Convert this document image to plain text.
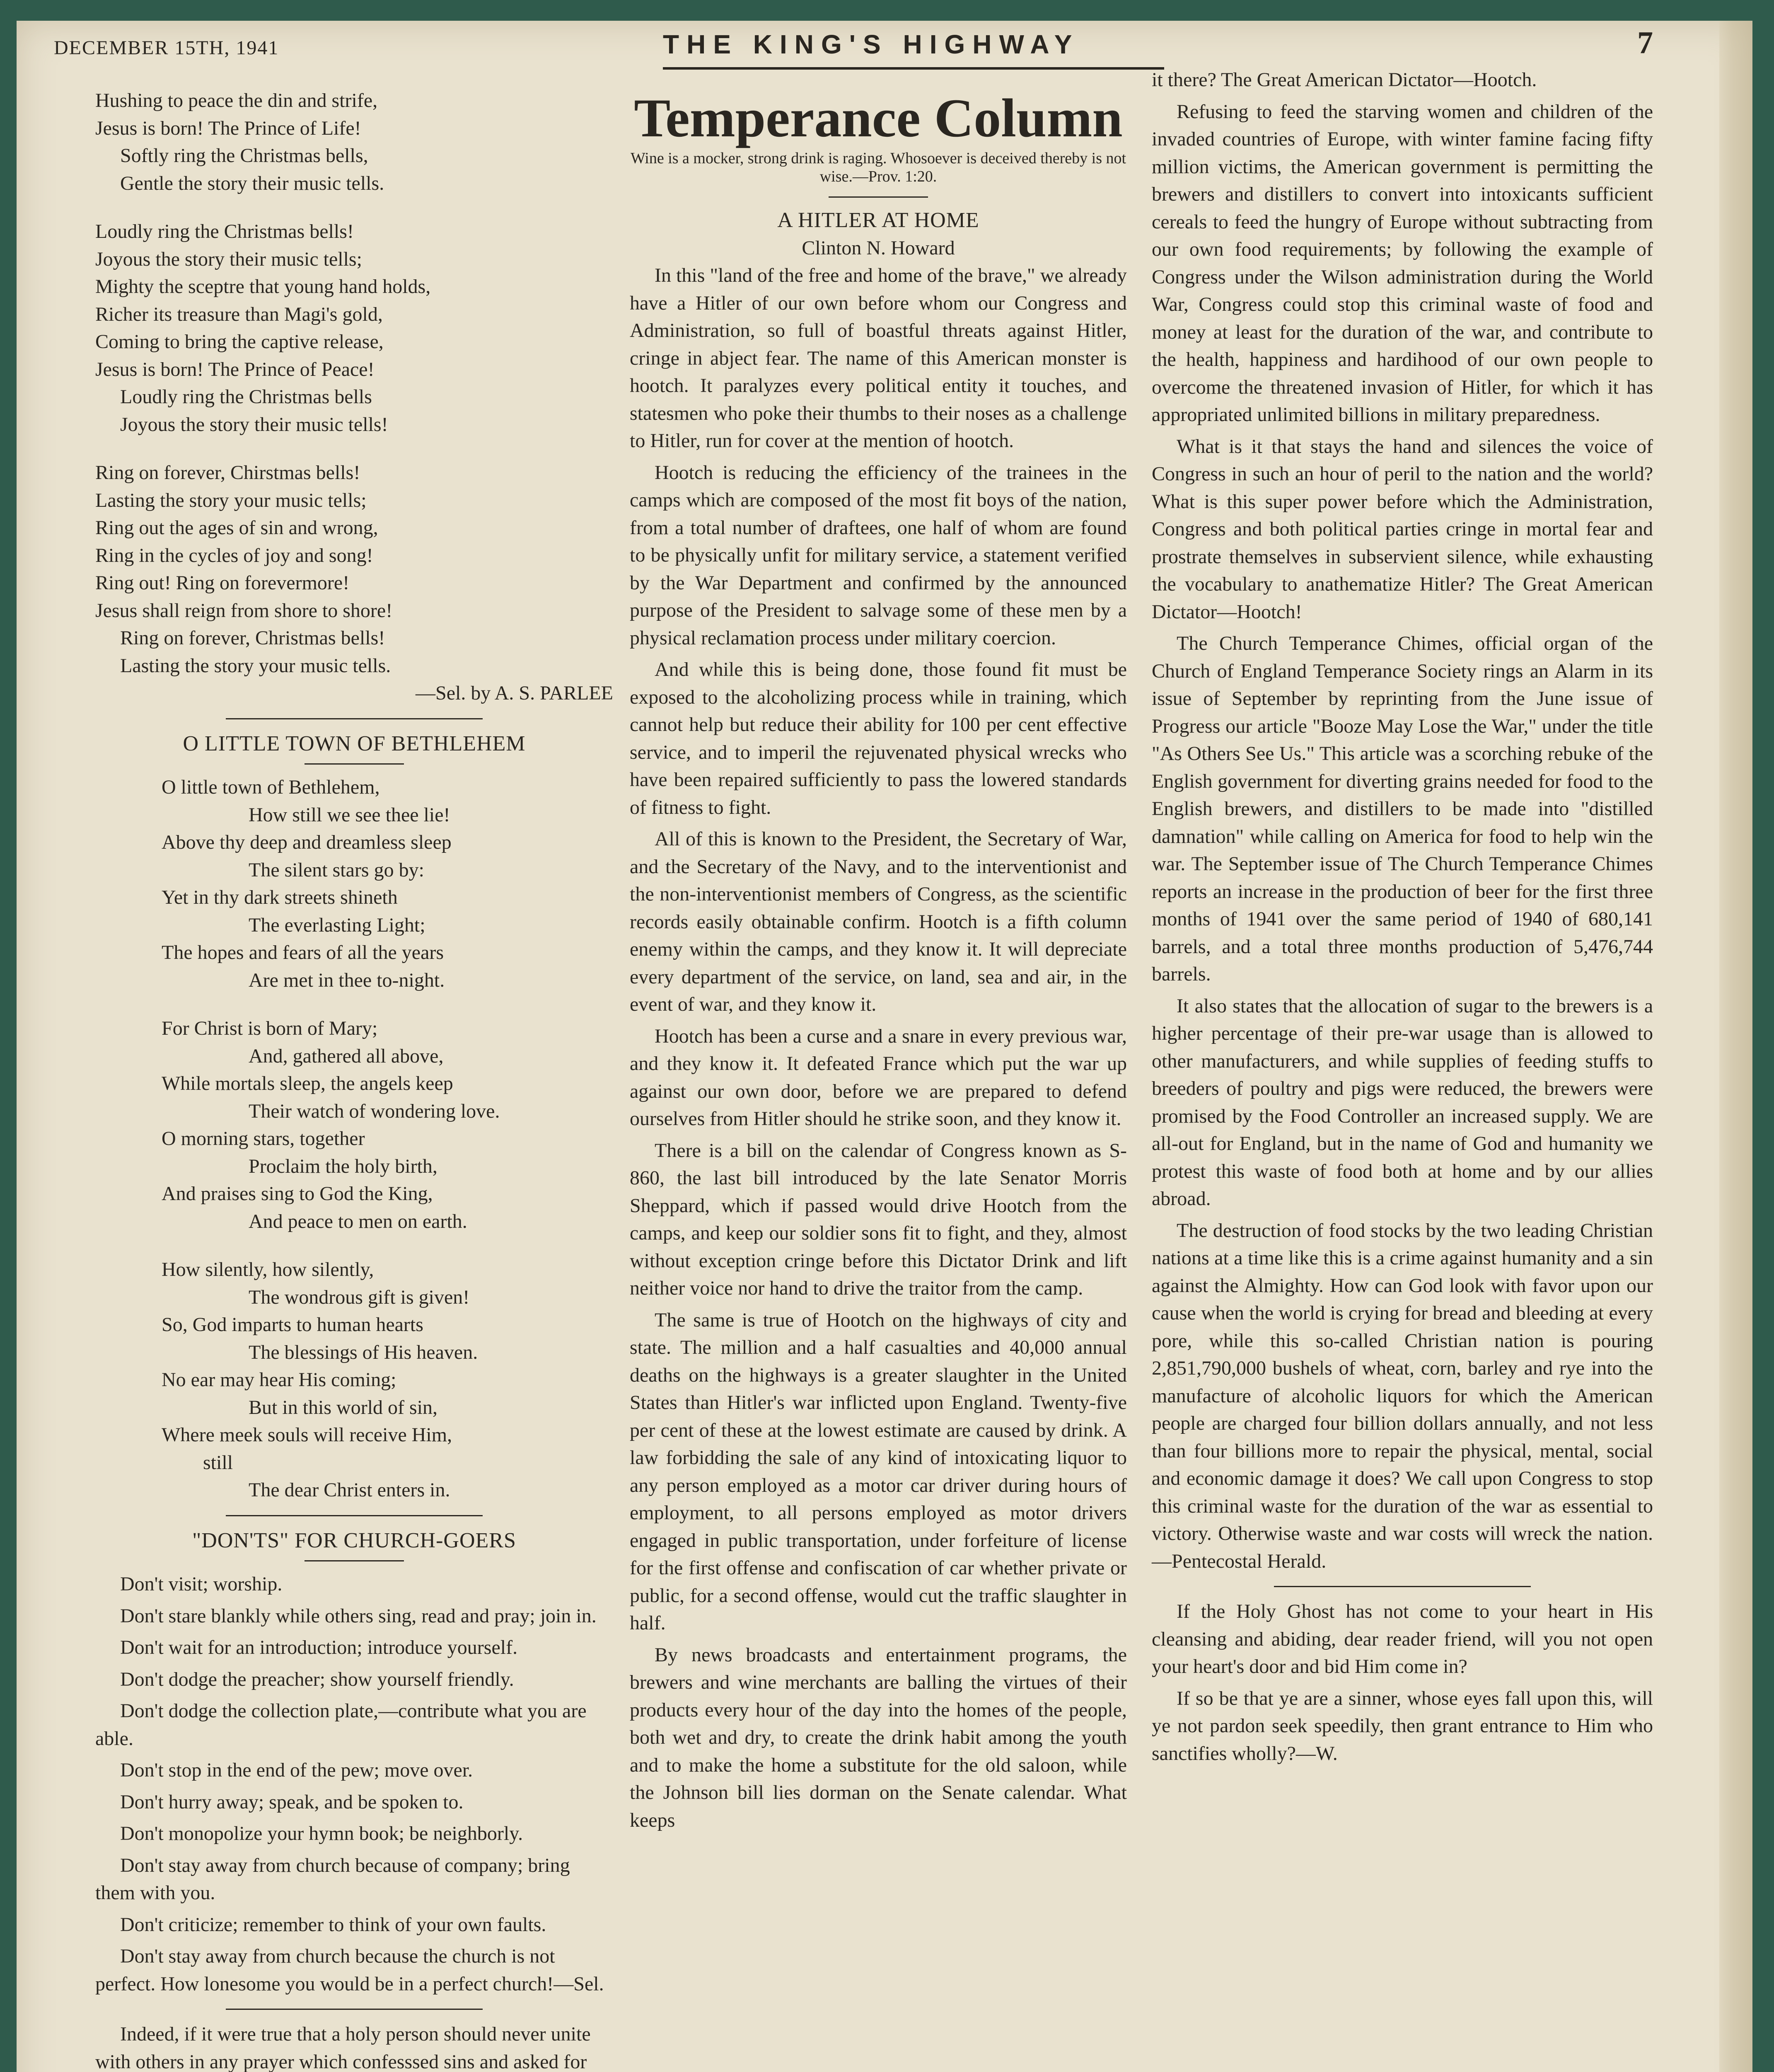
DECEMBER 15TH, 1941	THE KING'S HIGHWAY	7
Hushing to peace the din and strife,
Jesus is born! The Prince of Life!
Softly ring the Christmas bells,
Gentle the story their music tells.
Loudly ring the Christmas bells!
Joyous the story their music tells;
Mighty the sceptre that young hand holds,
Richer its treasure than Magi's gold,
Coming to bring the captive release,
Jesus is born! The Prince of Peace!
Loudly ring the Christmas bells
Joyous the story their music tells!
Ring on forever, Chirstmas bells!
Lasting the story your music tells;
Ring out the ages of sin and wrong,
Ring in the cycles of joy and song!
Ring out! Ring on forevermore!
Jesus shall reign from shore to shore!
Ring on forever, Christmas bells!
Lasting the story your music tells.
—Sel. by A. S. PARLEE
O LITTLE TOWN OF BETHLEHEM
O little town of Bethlehem,
How still we see thee lie!
Above thy deep and dreamless sleep
The silent stars go by:
Yet in thy dark streets shineth
The everlasting Light;
The hopes and fears of all the years
Are met in thee to-night.
For Christ is born of Mary;
And, gathered all above,
While mortals sleep, the angels keep
Their watch of wondering love.
O morning stars, together
Proclaim the holy birth,
And praises sing to God the King,
And peace to men on earth.
How silently, how silently,
The wondrous gift is given!
So, God imparts to human hearts
The blessings of His heaven.
No ear may hear His coming;
But in this world of sin,
Where meek souls will receive Him,
still
The dear Christ enters in.
"DON'TS" FOR CHURCH-GOERS

Don't visit; worship.

Don't stare blankly while others sing, read and pray; join in.

Don't wait for an introduction; introduce yourself.

Don't dodge the preacher; show yourself friendly.

Don't dodge the collection plate,—contribute what you are able.

Don't stop in the end of the pew; move over.

Don't hurry away; speak, and be spoken to.

Don't monopolize your hymn book; be neighborly.

Don't stay away from church because of company; bring them with you.

Don't criticize; remember to think of your own faults.

Don't stay away from church because the church is not perfect. How lonesome you would be in a perfect church!—Sel.

Indeed, if it were true that a holy person should never unite with others in any prayer which confesssed sins and asked for

Temperance Column
Wine is a mocker, strong drink is raging. Whosoever is deceived thereby is not wise.—Prov. 1:20.
A HITLER AT HOME
Clinton N. Howard

In this "land of the free and home of the brave," we already have a Hitler of our own before whom our Congress and Administration, so full of boastful threats against Hitler, cringe in abject fear. The name of this American monster is hootch. It paralyzes every political entity it touches, and statesmen who poke their thumbs to their noses as a challenge to Hitler, run for cover at the mention of hootch.

Hootch is reducing the efficiency of the trainees in the camps which are composed of the most fit boys of the nation, from a total number of draftees, one half of whom are found to be physically unfit for military service, a statement verified by the War Department and confirmed by the announced purpose of the President to salvage some of these men by a physical reclamation process under military coercion.

And while this is being done, those found fit must be exposed to the alcoholizing process while in training, which cannot help but reduce their ability for 100 per cent effective service, and to imperil the rejuvenated physical wrecks who have been repaired sufficiently to pass the lowered standards of fitness to fight.

All of this is known to the President, the Secretary of War, and the Secretary of the Navy, and to the interventionist and the non-interventionist members of Congress, as the scientific records easily obtainable confirm. Hootch is a fifth column enemy within the camps, and they know it. It will depreciate every department of the service, on land, sea and air, in the event of war, and they know it.

Hootch has been a curse and a snare in every previous war, and they know it. It defeated France which put the war up against our own door, before we are prepared to defend ourselves from Hitler should he strike soon, and they know it.

There is a bill on the calendar of Congress known as S-860, the last bill introduced by the late Senator Morris Sheppard, which if passed would drive Hootch from the camps, and keep our soldier sons fit to fight, and they, almost without exception cringe before this Dictator Drink and lift neither voice nor hand to drive the traitor from the camp.

The same is true of Hootch on the highways of city and state. The million and a half casualties and 40,000 annual deaths on the highways is a greater slaughter in the United States than Hitler's war inflicted upon England. Twenty-five per cent of these at the lowest estimate are caused by drink. A law forbidding the sale of any kind of intoxicating liquor to any person employed as a motor car driver during hours of employment, to all persons employed as motor drivers engaged in public transportation, under forfeiture of license for the first offense and confiscation of car whether private or public, for a second offense, would cut the traffic slaughter in half.

By news broadcasts and entertainment programs, the brewers and wine merchants are balling the virtues of their products every hour of the day into the homes of the people, both wet and dry, to create the drink habit among the youth and to make the home a substitute for the old saloon, while the Johnson bill lies dorman on the Senate calendar. What keeps

it there? The Great American Dictator—Hootch.

Refusing to feed the starving women and children of the invaded countries of Europe, with winter famine facing fifty million victims, the American government is permitting the brewers and distillers to convert into intoxicants sufficient cereals to feed the hungry of Europe without subtracting from our own food requirements; by following the example of Congress under the Wilson administration during the World War, Congress could stop this criminal waste of food and money at least for the duration of the war, and contribute to the health, happiness and hardihood of our own people to overcome the threatened invasion of Hitler, for which it has appropriated unlimited billions in military preparedness.

What is it that stays the hand and silences the voice of Congress in such an hour of peril to the nation and the world? What is this super power before which the Administration, Congress and both political parties cringe in mortal fear and prostrate themselves in subservient silence, while exhausting the vocabulary to anathematize Hitler? The Great American Dictator—Hootch!

The Church Temperance Chimes, official organ of the Church of England Temperance Society rings an Alarm in its issue of September by reprinting from the June issue of Progress our article "Booze May Lose the War," under the title "As Others See Us." This article was a scorching rebuke of the English government for diverting grains needed for food to the English brewers, and distillers to be made into "distilled damnation" while calling on America for food to help win the war. The September issue of The Church Temperance Chimes reports an increase in the production of beer for the first three months of 1941 over the same period of 1940 of 680,141 barrels, and a total three months production of 5,476,744 barrels.

It also states that the allocation of sugar to the brewers is a higher percentage of their pre-war usage than is allowed to other manufacturers, and while supplies of feeding stuffs to breeders of poultry and pigs were reduced, the brewers were promised by the Food Controller an increased supply. We are all-out for England, but in the name of God and humanity we protest this waste of food both at home and by our allies abroad.

The destruction of food stocks by the two leading Christian nations at a time like this is a crime against humanity and a sin against the Almighty. How can God look with favor upon our cause when the world is crying for bread and bleeding at every pore, while this so-called Christian nation is pouring 2,851,790,000 bushels of wheat, corn, barley and rye into the manufacture of alcoholic liquors for which the American people are charged four billion dollars annually, and not less than four billions more to repair the physical, mental, social and economic damage it does? We call upon Congress to stop this criminal waste for the duration of the war as essential to victory. Otherwise waste and war costs will wreck the nation.—Pentecostal Herald.

If the Holy Ghost has not come to your heart in His cleansing and abiding, dear reader friend, will you not open your heart's door and bid Him come in?

If so be that ye are a sinner, whose eyes fall upon this, will ye not pardon seek speedily, then grant entrance to Him who sanctifies wholly?—W.
